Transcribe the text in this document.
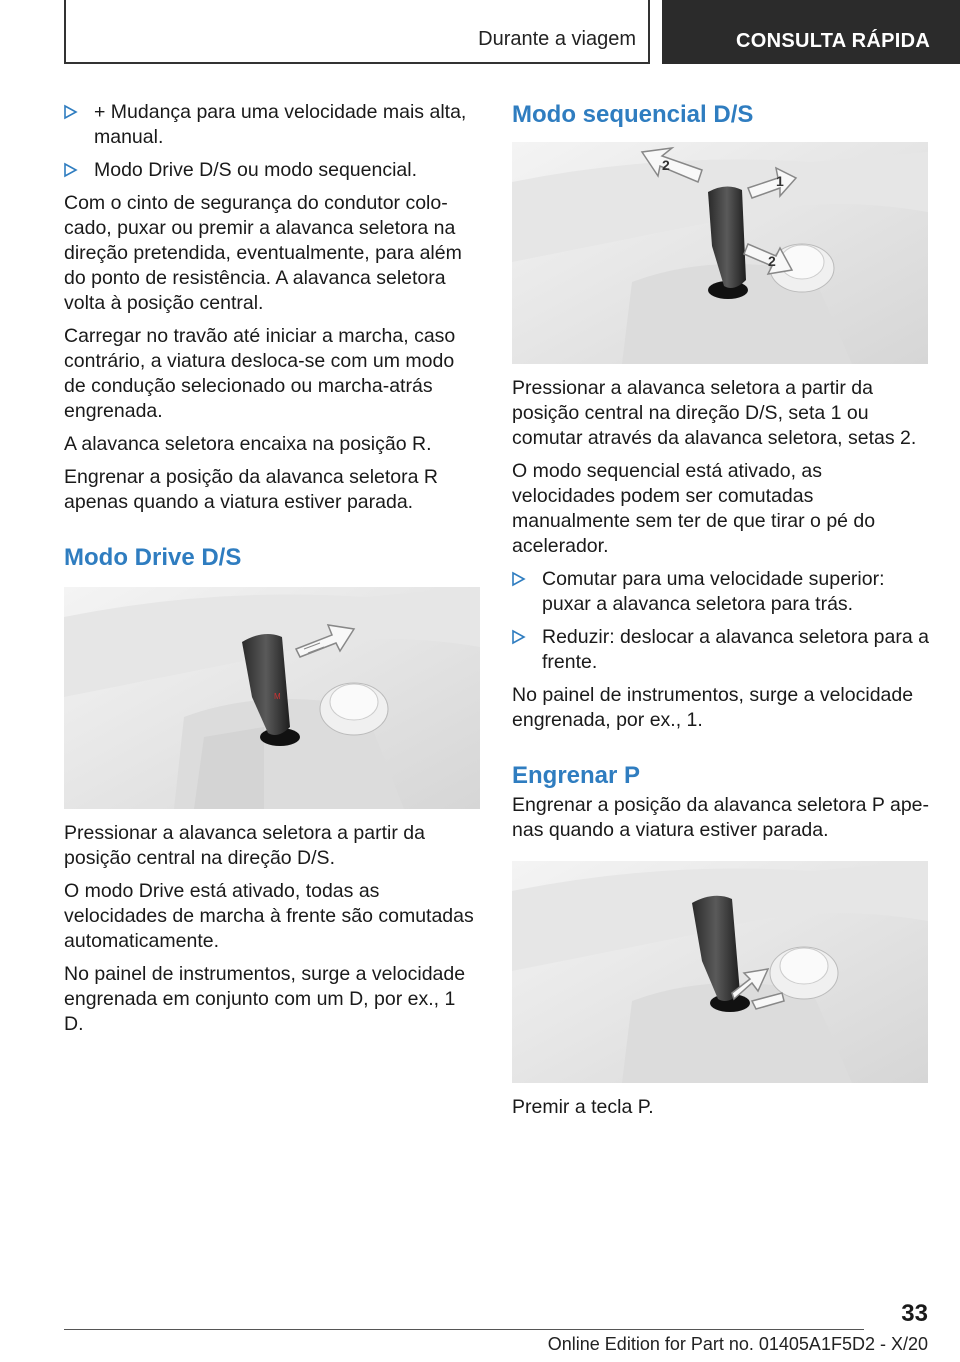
Durante a viagem	CONSULTA RÁPIDA
+ Mudança para uma velocidade mais alta, manual.
Modo Drive D/S ou modo sequencial.

Com o cinto de segurança do condutor colocado, puxar ou premir a alavanca seletora na direção pretendida, eventualmente, para além do ponto de resistência. A alavanca seletora volta à posição central.

Carregar no travão até iniciar a marcha, caso contrário, a viatura desloca-se com um modo de condução selecionado ou marcha-atrás engrenada.

A alavanca seletora encaixa na posição R.

Engrenar a posição da alavanca seletora R apenas quando a viatura estiver parada.

Modo Drive D/S
M

Pressionar a alavanca seletora a partir da posição central na direção D/S.

O modo Drive está ativado, todas as velocidades de marcha à frente são comutadas automaticamente.

No painel de instrumentos, surge a velocidade engrenada em conjunto com um D, por ex., 1 D.

Modo sequencial D/S
2
1
2

Pressionar a alavanca seletora a partir da posição central na direção D/S, seta 1 ou comutar através da alavanca seletora, setas 2.

O modo sequencial está ativado, as velocidades podem ser comutadas manualmente sem ter de que tirar o pé do acelerador.

Comutar para uma velocidade superior: puxar a alavanca seletora para trás.
Reduzir: deslocar a alavanca seletora para a frente.

No painel de instrumentos, surge a velocidade engrenada, por ex., 1.

Engrenar P

Engrenar a posição da alavanca seletora P apenas quando a viatura estiver parada.

Premir a tecla P.

33
Online Edition for Part no. 01405A1F5D2 - X/20
